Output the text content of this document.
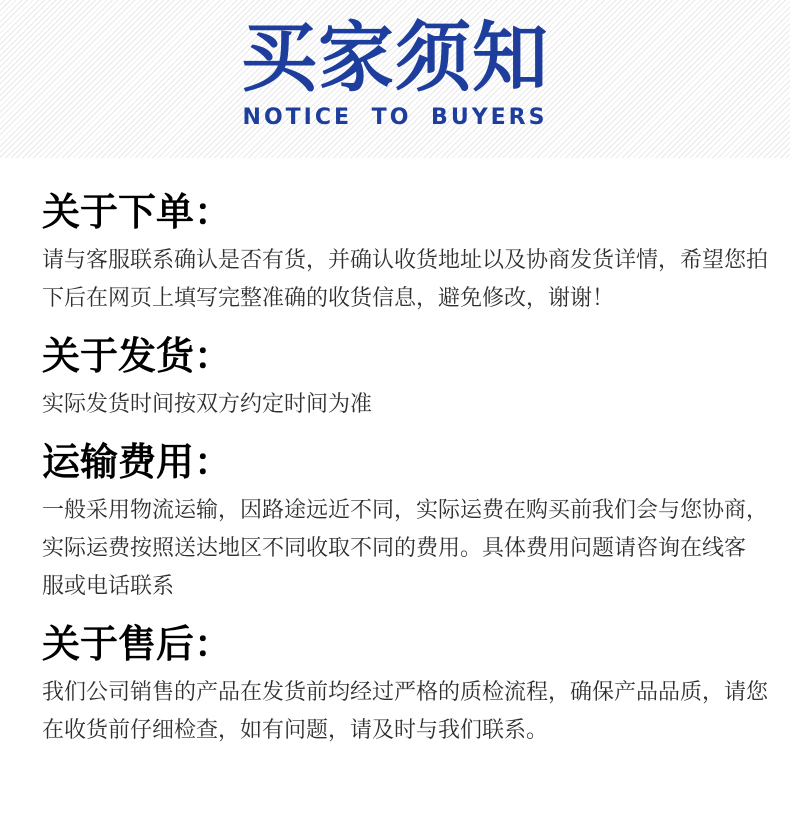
买家须知
NOTICE TO BUYERS
关于下单：
请与客服联系确认是否有货，并确认收货地址以及协商发货详情，希望您拍
下后在网页上填写完整准确的收货信息，避免修改，谢谢！
关于发货：
实际发货时间按双方约定时间为准
运输费用：
一般采用物流运输，因路途远近不同，实际运费在购买前我们会与您协商，
实际运费按照送达地区不同收取不同的费用。具体费用问题请咨询在线客
服或电话联系
关于售后：
我们公司销售的产品在发货前均经过严格的质检流程，确保产品品质，请您
在收货前仔细检查，如有问题，请及时与我们联系。
